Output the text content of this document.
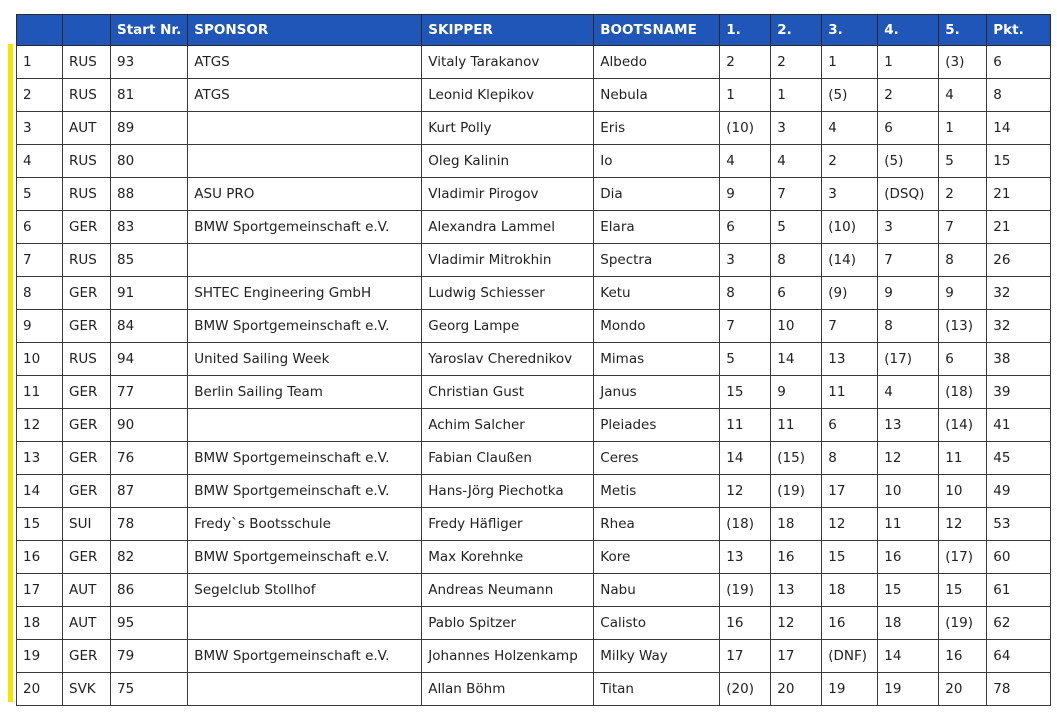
		Start Nr.	SPONSOR	SKIPPER	BOOTSNAME	1.	2.	3.	4.	5.	Pkt.
1	RUS	93	ATGS	Vitaly Tarakanov	Albedo	2	2	1	1	(3)	6
2	RUS	81	ATGS	Leonid Klepikov	Nebula	1	1	(5)	2	4	8
3	AUT	89		Kurt Polly	Eris	(10)	3	4	6	1	14
4	RUS	80		Oleg Kalinin	Io	4	4	2	(5)	5	15
5	RUS	88	ASU PRO	Vladimir Pirogov	Dia	9	7	3	(DSQ)	2	21
6	GER	83	BMW Sportgemeinschaft e.V.	Alexandra Lammel	Elara	6	5	(10)	3	7	21
7	RUS	85		Vladimir Mitrokhin	Spectra	3	8	(14)	7	8	26
8	GER	91	SHTEC Engineering GmbH	Ludwig Schiesser	Ketu	8	6	(9)	9	9	32
9	GER	84	BMW Sportgemeinschaft e.V.	Georg Lampe	Mondo	7	10	7	8	(13)	32
10	RUS	94	United Sailing Week	Yaroslav Cherednikov	Mimas	5	14	13	(17)	6	38
11	GER	77	Berlin Sailing Team	Christian Gust	Janus	15	9	11	4	(18)	39
12	GER	90		Achim Salcher	Pleiades	11	11	6	13	(14)	41
13	GER	76	BMW Sportgemeinschaft e.V.	Fabian Claußen	Ceres	14	(15)	8	12	11	45
14	GER	87	BMW Sportgemeinschaft e.V.	Hans-Jörg Piechotka	Metis	12	(19)	17	10	10	49
15	SUI	78	Fredy`s Bootsschule	Fredy Häfliger	Rhea	(18)	18	12	11	12	53
16	GER	82	BMW Sportgemeinschaft e.V.	Max Korehnke	Kore	13	16	15	16	(17)	60
17	AUT	86	Segelclub Stollhof	Andreas Neumann	Nabu	(19)	13	18	15	15	61
18	AUT	95		Pablo Spitzer	Calisto	16	12	16	18	(19)	62
19	GER	79	BMW Sportgemeinschaft e.V.	Johannes Holzenkamp	Milky Way	17	17	(DNF)	14	16	64
20	SVK	75		Allan Böhm	Titan	(20)	20	19	19	20	78
